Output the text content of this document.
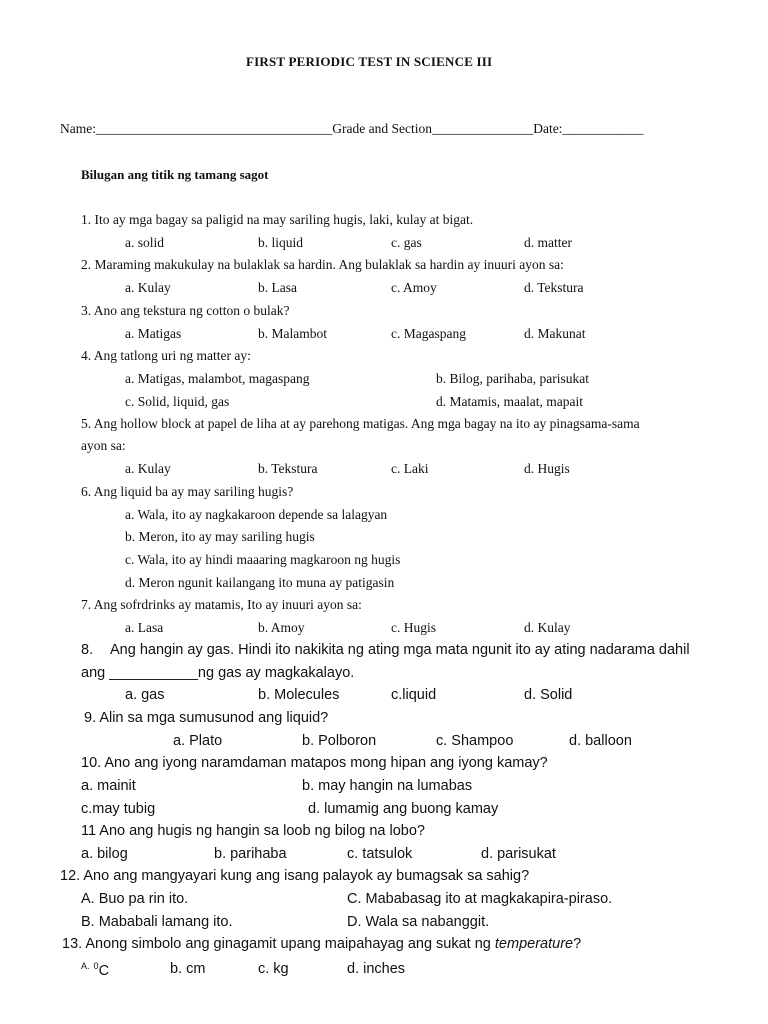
FIRST PERIODIC TEST IN SCIENCE III
Name:___________________________________Grade and Section_______________Date:____________
Bilugan ang titik ng tamang sagot
1. Ito ay mga bagay sa paligid na may sariling hugis, laki, kulay at bigat.
a. solid	b. liquid	c. gas	d. matter
2. Maraming makukulay na bulaklak sa hardin. Ang bulaklak sa hardin ay inuuri ayon sa:
a. Kulay	b. Lasa	c. Amoy	d. Tekstura
3. Ano ang tekstura ng cotton o bulak?
a. Matigas	b. Malambot	c. Magaspang	d. Makunat
4. Ang tatlong uri ng matter ay:
a. Matigas, malambot, magaspang	b. Bilog, parihaba, parisukat
c. Solid, liquid, gas	d. Matamis, maalat, mapait
5. Ang hollow block at papel de liha at ay parehong matigas. Ang mga bagay na ito ay pinagsama-sama
ayon sa:
a. Kulay	b. Tekstura	c. Laki	d. Hugis
6. Ang liquid ba ay may sariling hugis?
a. Wala, ito ay nagkakaroon depende sa lalagyan
b. Meron, ito ay may sariling hugis
c. Wala, ito ay hindi maaaring magkaroon ng hugis
d. Meron ngunit kailangang ito muna ay patigasin
7. Ang sofrdrinks ay matamis, Ito ay inuuri ayon sa:
a. Lasa	b. Amoy	c. Hugis	d. Kulay
8. Ang hangin ay gas. Hindi ito nakikita ng ating mga mata ngunit ito ay ating nadarama dahil
ang ___________ng gas ay magkakalayo.
a. gas	b. Molecules	c.liquid	d. Solid
9. Alin sa mga sumusunod ang liquid?
a. Plato	b. Polboron	c. Shampoo	d. balloon
10. Ano ang iyong naramdaman matapos mong hipan ang iyong kamay?
a. mainit	b. may hangin na lumabas
c.may tubig	d. lumamig ang buong kamay
11 Ano ang hugis ng hangin sa loob ng bilog na lobo?
a. bilog	b. parihaba	c. tatsulok	d. parisukat
12. Ano ang mangyayari kung ang isang palayok ay bumagsak sa sahig?
A. Buo pa rin ito.	C. Mababasag ito at magkakapira-piraso.
B. Mababali lamang ito.	D. Wala sa nabanggit.
13. Anong simbolo ang ginagamit upang maipahayag ang sukat ng temperature?
$^{A.}$ $^0$C	b. cm	c. kg	d. inches
